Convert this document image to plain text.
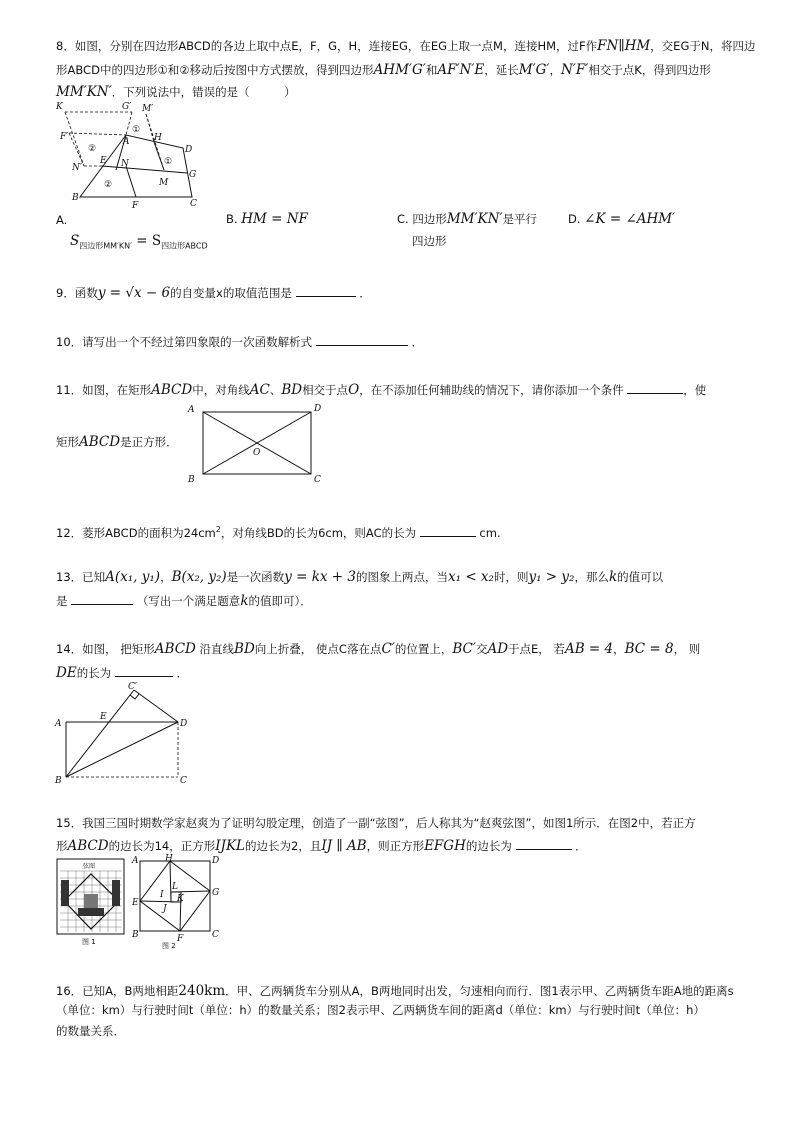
8．如图，分别在四边形ABCD的各边上取中点E，F，G，H，连接EG，在EG上取一点M，连接HM，过F作FN∥HM，交EG于N，将四边
形ABCD中的四边形①和②移动后按图中方式摆放，得到四边形AHM′G′和AF′N′E，延长M′G′，N′F′相交于点K，得到四边形
MM′KN′．下列说法中，错误的是（　　　）
K	G′ M′
F′	A	H
D
N′
E N
M
G
B
F	C
①
①
②
②
A.
$S_{四边形MM'KN'} = S_{四边形ABCD}$
B. HM = NF	C. 四边形MM′KN′是平行
四边形
D. ∠K = ∠AHM′
9．函数y = √x − 6的自变量x的取值范围是	．
10．请写出一个不经过第四象限的一次函数解析式	．
11．如图，在矩形ABCD中，对角线AC、BD相交于点O，在不添加任何辅助线的情况下，请你添加一个条件	，使
矩形ABCD是正方形．
A	D
O
B	C
12．菱形ABCD的面积为$24cm^2$，对角线BD的长为6cm，则AC的长为	cm.
13．已知A(x₁, y₁)，B(x₂, y₂)是一次函数y = kx + 3的图象上两点，当x₁ < x₂时，则y₁ > y₂，那么k的值可以
是	（写出一个满足题意k的值即可）．
14．如图， 把矩形ABCD 沿直线BD向上折叠， 使点C落在点C′的位置上，BC′交AD于点E， 若AB = 4，BC = 8， 则
DE的长为	．
C′
A
E
D
B	C
15．我国三国时期数学家赵爽为了证明勾股定理，创造了一副“弦图”，后人称其为“赵爽弦图”，如图1所示．在图2中，若正方
形ABCD的边长为14，正方形IJKL的边长为2，且IJ ∥ AB，则正方形EFGH的边长为	．
弦图
图 1
A	H	D
L
E	K
G
I
J
B	F	C
图 2
16．已知A，B两地相距240km．甲、乙两辆货车分别从A，B两地同时出发，匀速相向而行．图1表示甲、乙两辆货车距A地的距离s
（单位：km）与行驶时间t（单位：h）的数量关系；图2表示甲、乙两辆货车间的距离d（单位：km）与行驶时间t（单位：h）
的数量关系．
